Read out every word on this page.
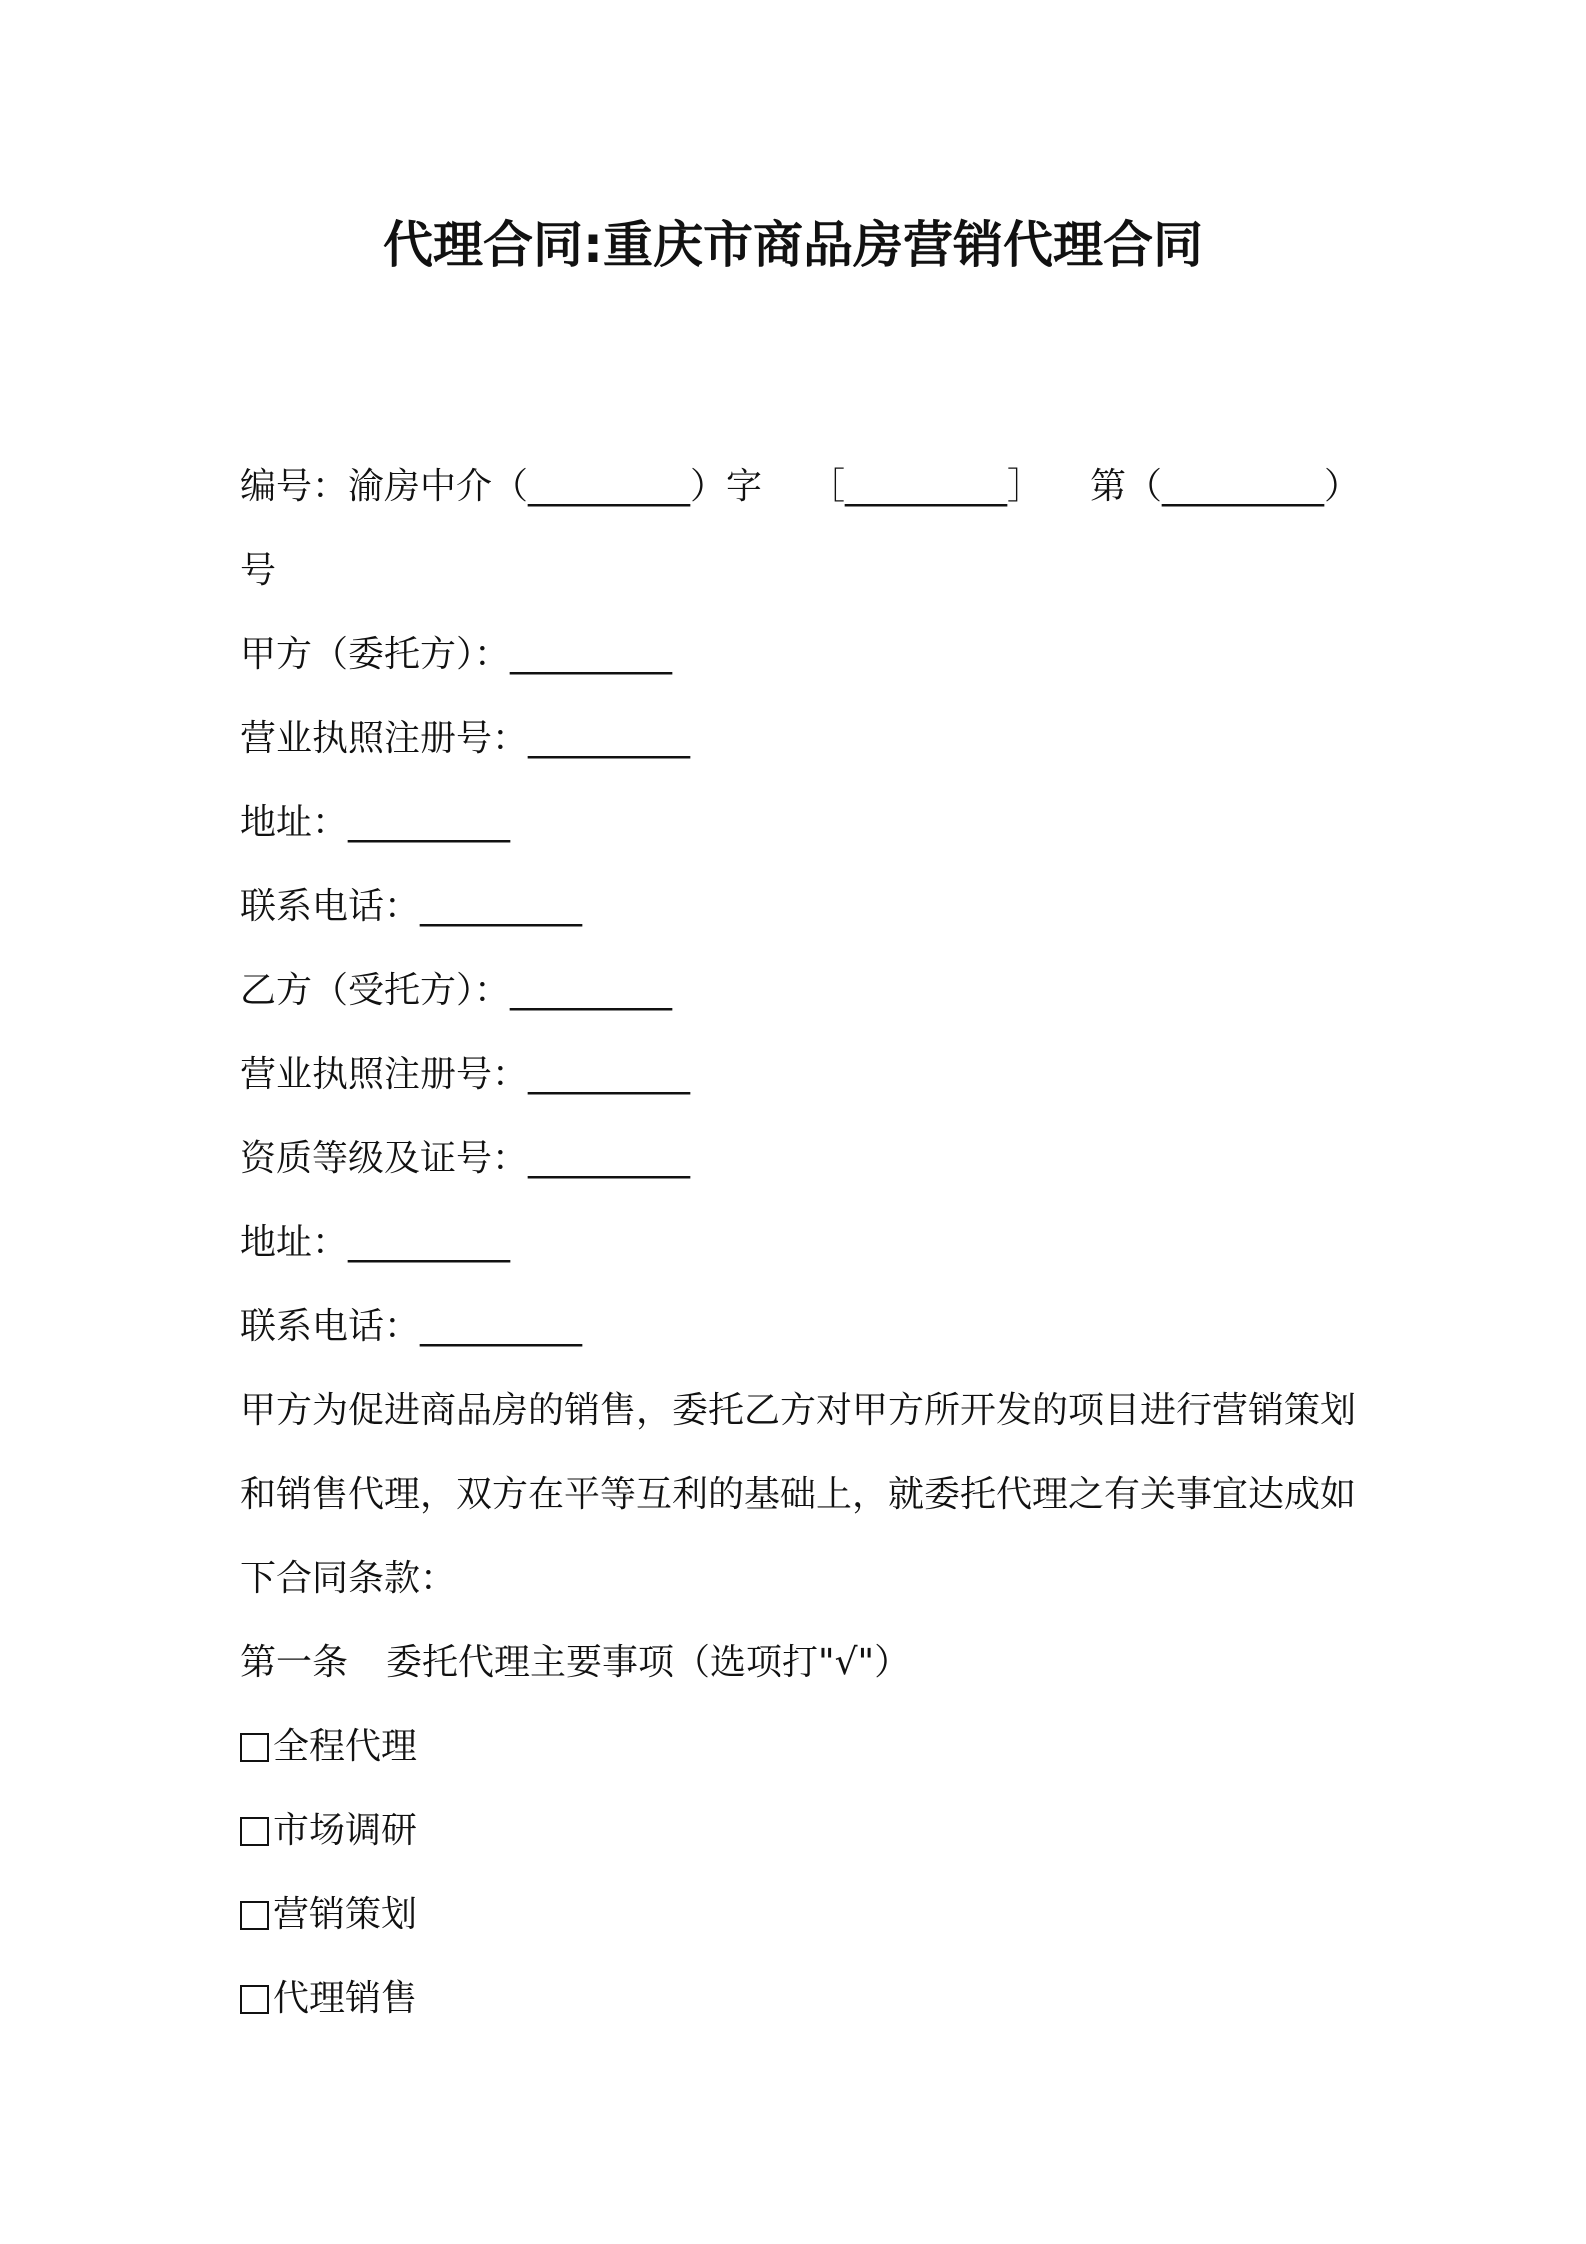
代理合同:重庆市商品房营销代理合同
编号：渝房中介（_________）字 ［_________］ 第（_________）
号
甲方（委托方）：_________
营业执照注册号：_________
地址：_________
联系电话：_________
乙方（受托方）：_________
营业执照注册号：_________
资质等级及证号：_________
地址：_________
联系电话：_________
甲方为促进商品房的销售，委托乙方对甲方所开发的项目进行营销策划和销售代理，双方在平等互利的基础上，就委托代理之有关事宜达成如下合同条款：
第一条 委托代理主要事项（选项打"√"）
全程代理
市场调研
营销策划
代理销售
